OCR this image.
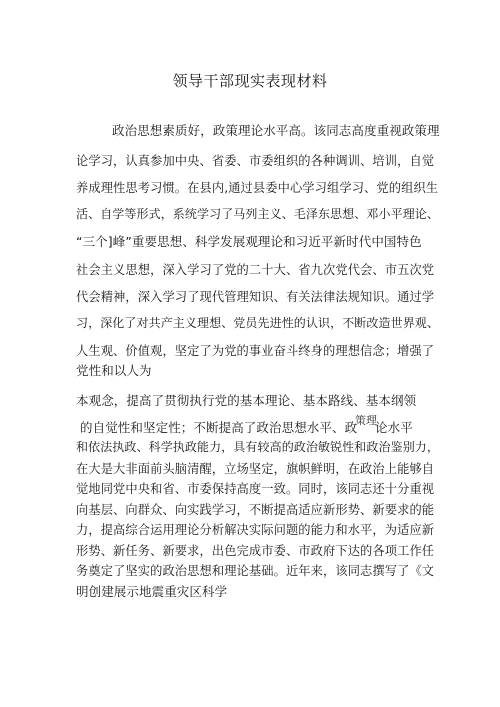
领导干部现实表现材料
政治思想素质好，政策理论水平高。该同志高度重视政策理
论学习，认真参加中央、省委、市委组织的各种调训、培训，自觉
养成理性思考习惯。在县内,通过县委中心学习组学习、党的组织生
活、自学等形式，系统学习了马列主义、毛泽东思想、邓小平理论、
“三个]峰”重要思想、科学发展观理论和习近平新时代中国特色
社会主义思想，深入学习了党的二十大、省九次党代会、市五次党
代会精神，深入学习了现代管理知识、有关法律法规知识。通过学
习，深化了对共产主义理想、党员先进性的认识，不断改造世界观、
人生观、价值观，坚定了为党的事业奋斗终身的理想信念；增强了
党性和以人为
本观念，提高了贯彻执行党的基本理论、基本路线、基本纲领
的自觉性和坚定性；不断提高了政治思想水平、政
策理
论水平
和依法执政、科学执政能力，具有较高的政治敏锐性和政治鉴别力，
在大是大非面前头脑清醒，立场坚定，旗帜鲜明，在政治上能够自
觉地同党中央和省、市委保持高度一致。同时，该同志还十分重视
向基层、向群众、向实践学习，不断提高适应新形势、新要求的能
力，提高综合运用理论分析解决实际问题的能力和水平，为适应新
形势、新任务、新要求，出色完成市委、市政府下达的各项工作任
务奠定了坚实的政治思想和理论基础。近年来，该同志撰写了《文
明创建展示地震重灾区科学
